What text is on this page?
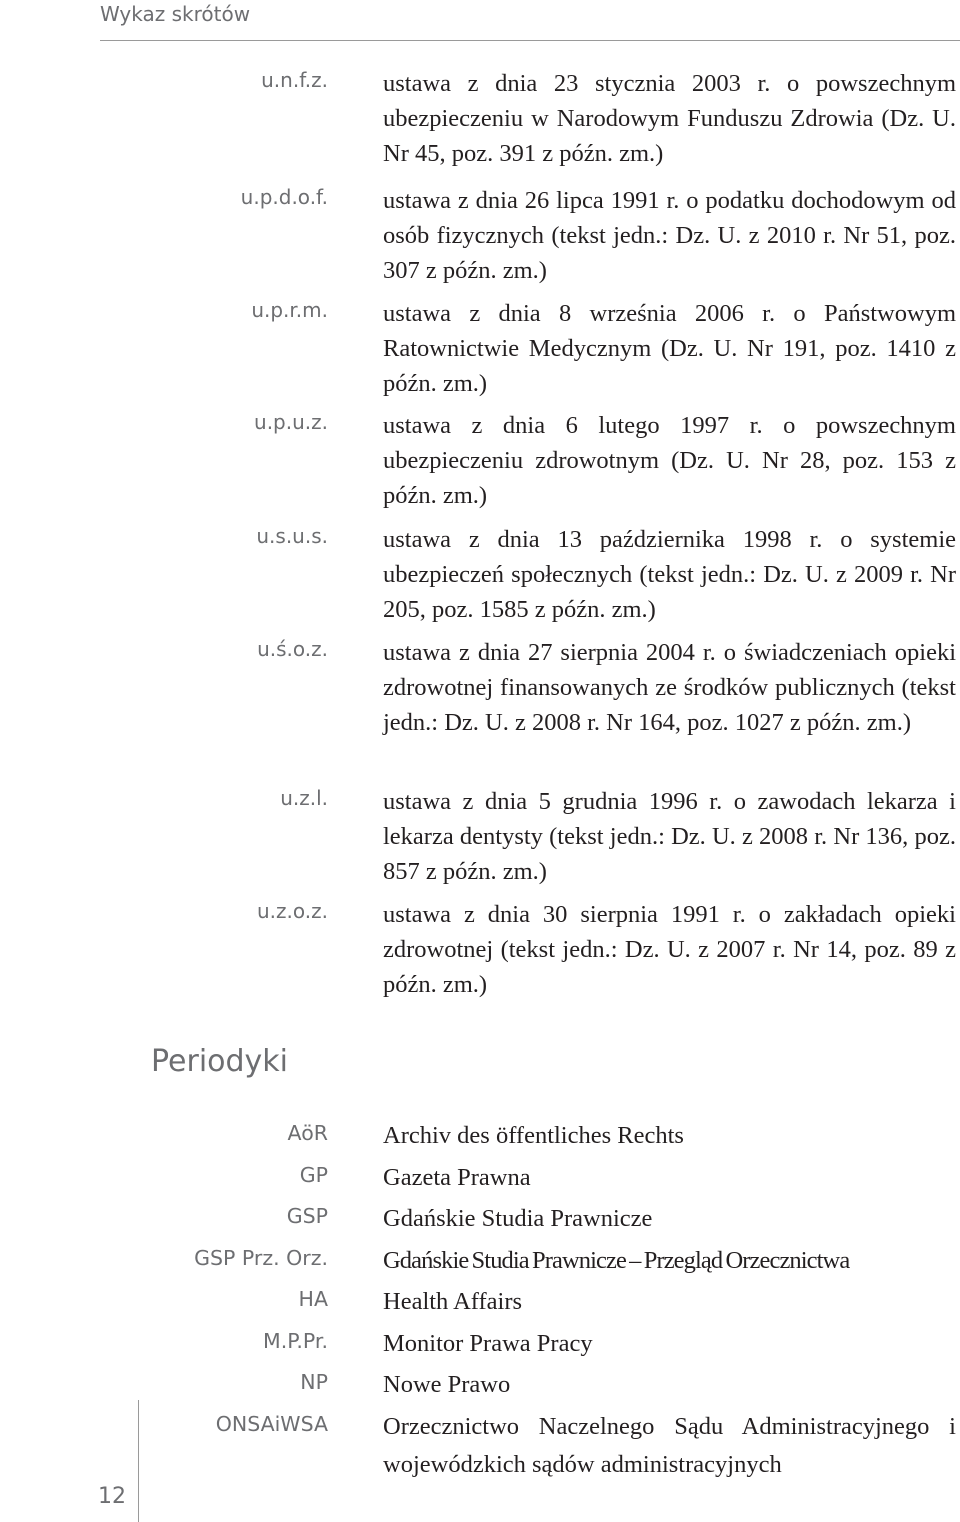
Wykaz skrótów
u.n.f.z. ustawa z dnia 23 stycznia 2003 r. o powszechnym ubezpieczeniu w Narodowym Funduszu Zdrowia (Dz. U. Nr 45, poz. 391 z późn. zm.)
u.p.d.o.f. ustawa z dnia 26 lipca 1991 r. o podatku dochodowym od osób fizycznych (tekst jedn.: Dz. U. z 2010 r. Nr 51, poz. 307 z późn. zm.)
u.p.r.m. ustawa z dnia 8 września 2006 r. o Państwowym Ratownictwie Medycznym (Dz. U. Nr 191, poz. 1410 z późn. zm.)
u.p.u.z. ustawa z dnia 6 lutego 1997 r. o powszechnym ubezpieczeniu zdrowotnym (Dz. U. Nr 28, poz. 153 z późn. zm.)
u.s.u.s. ustawa z dnia 13 października 1998 r. o systemie ubezpieczeń społecznych (tekst jedn.: Dz. U. z 2009 r. Nr 205, poz. 1585 z późn. zm.)
u.ś.o.z. ustawa z dnia 27 sierpnia 2004 r. o świadczeniach opieki zdrowotnej finansowanych ze środków publicznych (tekst jedn.: Dz. U. z 2008 r. Nr 164, poz. 1027 z późn. zm.)
u.z.l. ustawa z dnia 5 grudnia 1996 r. o zawodach lekarza i lekarza dentysty (tekst jedn.: Dz. U. z 2008 r. Nr 136, poz. 857 z późn. zm.)
u.z.o.z. ustawa z dnia 30 sierpnia 1991 r. o zakładach opieki zdrowotnej (tekst jedn.: Dz. U. z 2007 r. Nr 14, poz. 89 z późn. zm.)
Periodyki
AöR Archiv des öffentliches Rechts
GP Gazeta Prawna
GSP Gdańskie Studia Prawnicze
GSP Prz. Orz. Gdańskie Studia Prawnicze – Przegląd Orzecznictwa
HA Health Affairs
M.P.Pr. Monitor Prawa Pracy
NP Nowe Prawo
ONSAiWSA Orzecznictwo Naczelnego Sądu Administracyjnego i wojewódzkich sądów administracyjnych
12
